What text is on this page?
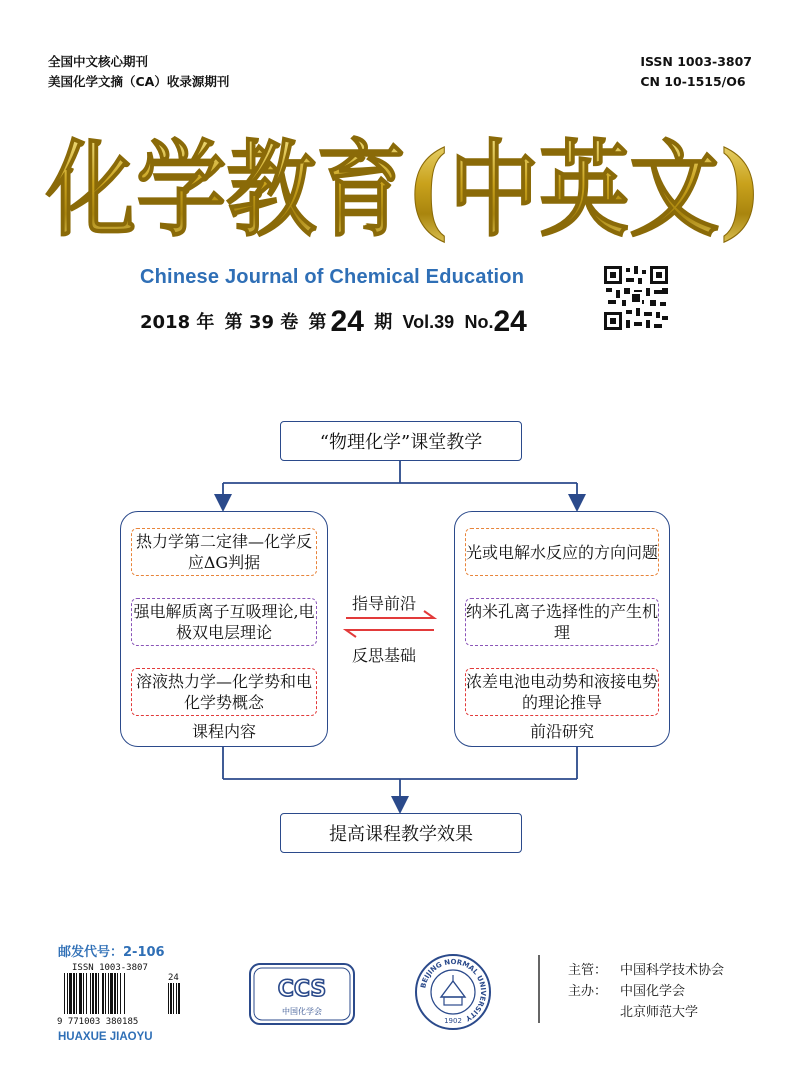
全国中文核心期刊
美国化学文摘（CA）收录源期刊
ISSN 1003-3807
CN 10-1515/O6
化学教育(中英文)
Chinese Journal of Chemical Education
2018 年 第 39 卷 第 24 期 Vol.39 No.24
“物理化学”课堂教学
热力学第二定律—化学反应ΔG判据
强电解质离子互吸理论,电极双电层理论
溶液热力学—化学势和电化学势概念
课程内容
光或电解水反应的方向问题
纳米孔离子选择性的产生机理
浓差电池电动势和液接电势的理论推导
前沿研究
指导前沿
反思基础
提高课程教学效果
邮发代号：2-106
ISSN 1003-3807
9 771003 380185
24
HUAXUE JIAOYU
CCS
中国化学会
BEIJING NORMAL UNIVERSITY
1902
主管： 中国科学技术协会
主办： 中国化学会
北京师范大学
